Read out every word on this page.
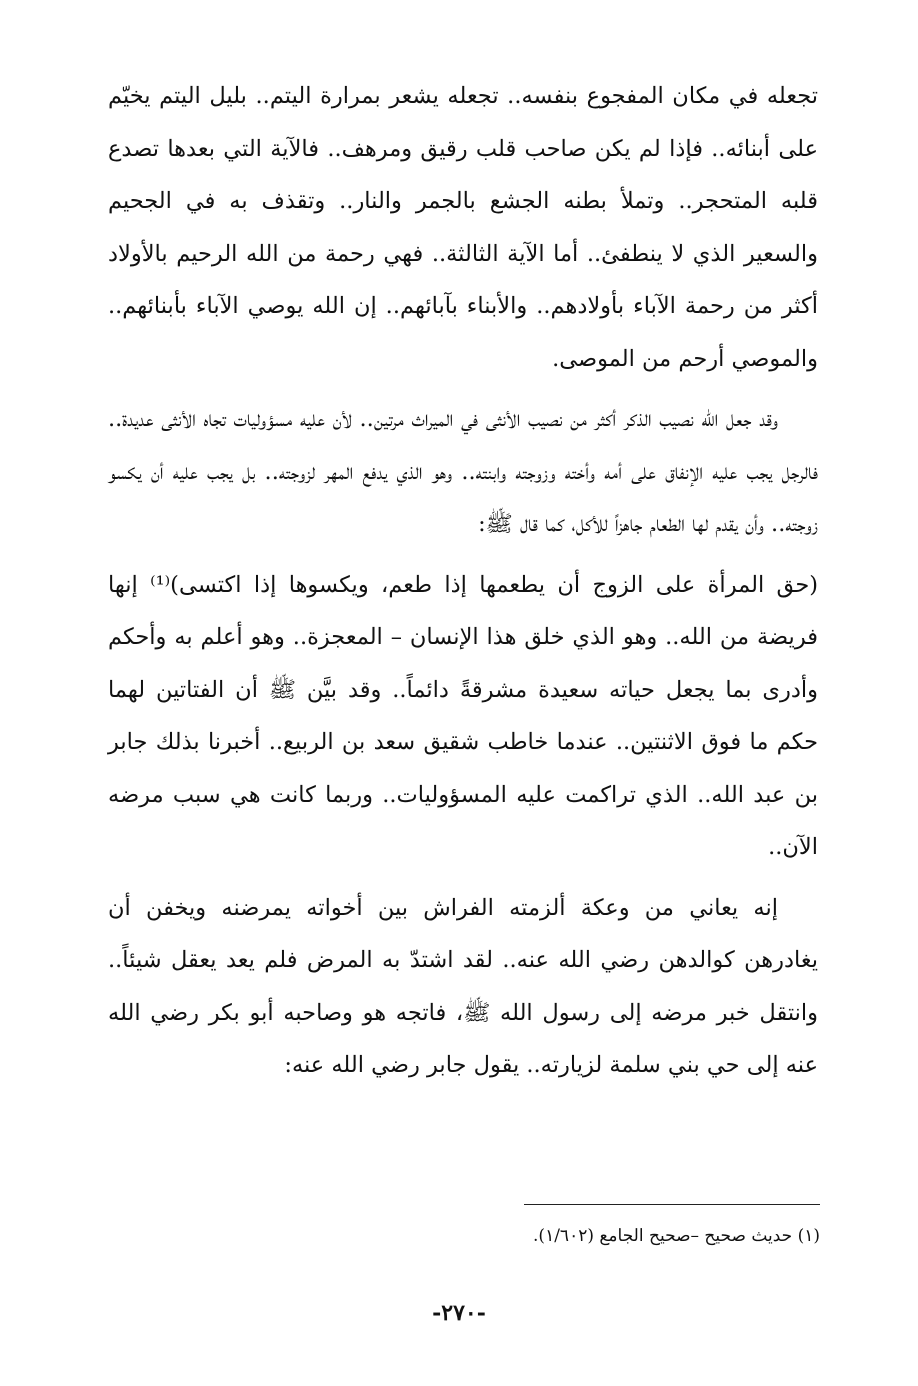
تجعله في مكان المفجوع بنفسه.. تجعله يشعر بمرارة اليتم.. بليل اليتم يخيّم على أبنائه.. فإذا لم يكن صاحب قلب رقيق ومرهف.. فالآية التي بعدها تصدع قلبه المتحجر.. وتملأ بطنه الجشع بالجمر والنار.. وتقذف به في الجحيم والسعير الذي لا ينطفئ.. أما الآية الثالثة.. فهي رحمة من الله الرحيم بالأولاد أكثر من رحمة الآباء بأولادهم.. والأبناء بآبائهم.. إن الله يوصي الآباء بأبنائهم.. والموصي أرحم من الموصى.

وقد جعل الله نصيب الذكر أكثر من نصيب الأنثى في الميراث مرتين.. لأن عليه مسؤوليات تجاه الأنثى عديدة.. فالرجل يجب عليه الإنفاق على أمه وأخته وزوجته وابنته.. وهو الذي يدفع المهر لزوجته.. بل يجب عليه أن يكسو زوجته.. وأن يقدم لها الطعام جاهزاً للأكل، كما قال ﷺ:

(حق المرأة على الزوج أن يطعمها إذا طعم، ويكسوها إذا اكتسى)⁽¹⁾ إنها فريضة من الله.. وهو الذي خلق هذا الإنسان – المعجزة.. وهو أعلم به وأحكم وأدرى بما يجعل حياته سعيدة مشرقةً دائماً.. وقد بيَّن ﷺ أن الفتاتين لهما حكم ما فوق الاثنتين.. عندما خاطب شقيق سعد بن الربيع.. أخبرنا بذلك جابر بن عبد الله.. الذي تراكمت عليه المسؤوليات.. وربما كانت هي سبب مرضه الآن..

إنه يعاني من وعكة ألزمته الفراش بين أخواته يمرضنه ويخفن أن يغادرهن كوالدهن رضي الله عنه.. لقد اشتدّ به المرض فلم يعد يعقل شيئاً.. وانتقل خبر مرضه إلى رسول الله ﷺ، فاتجه هو وصاحبه أبو بكر رضي الله عنه إلى حي بني سلمة لزيارته.. يقول جابر رضي الله عنه:

(١) حديث صحيح –صحيح الجامع (١/٦٠٢).

-٢٧٠-
